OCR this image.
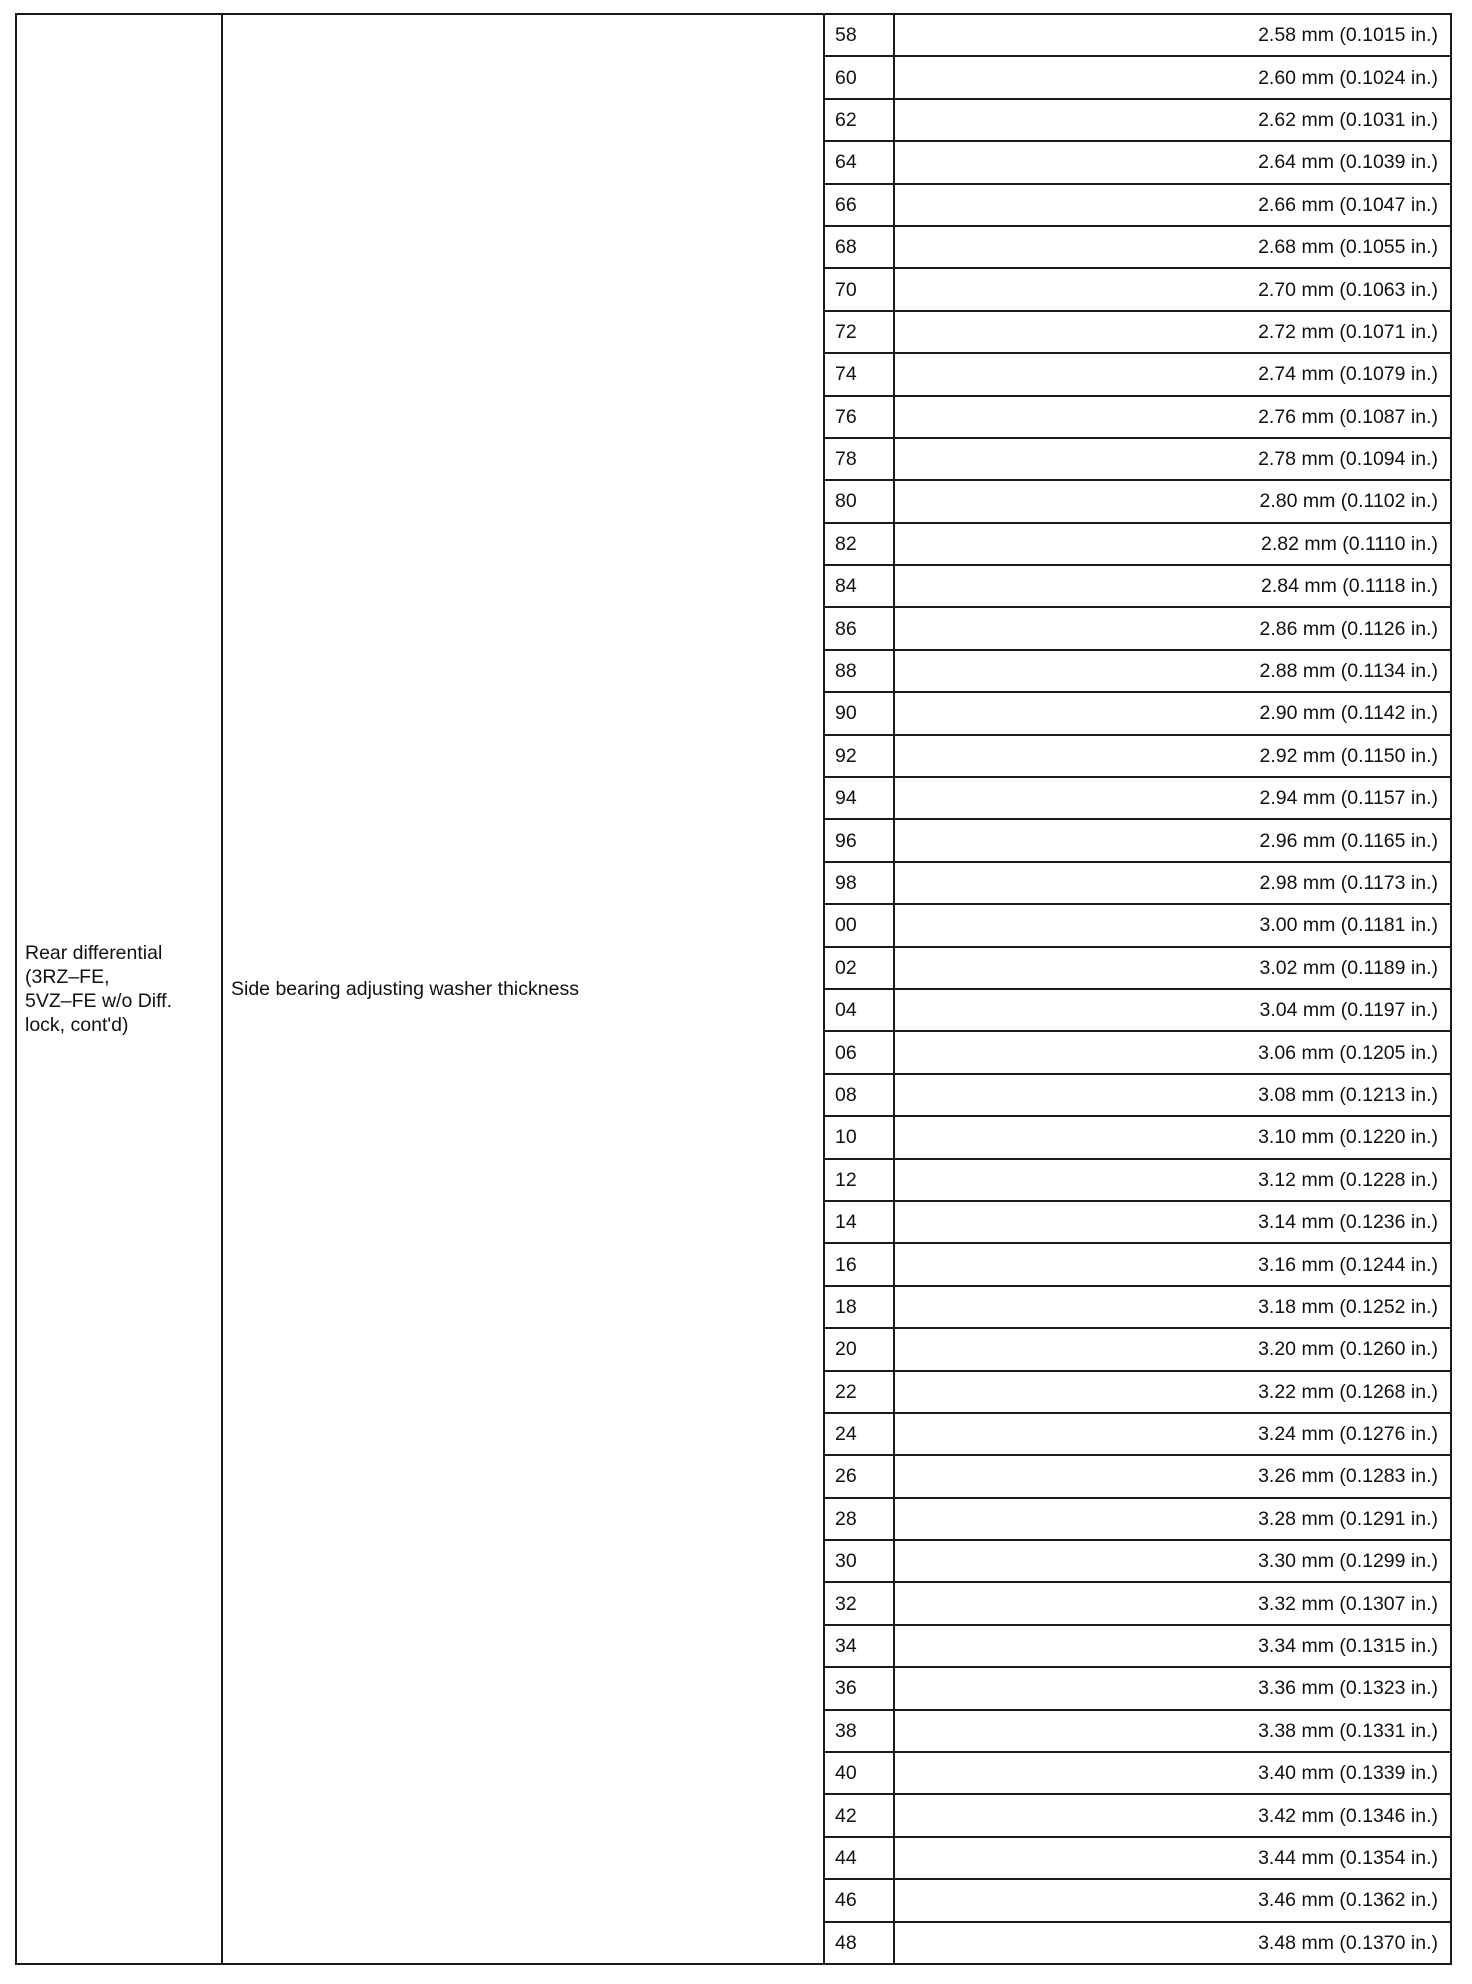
Rear differential
(3RZ–FE,
5VZ–FE w/o Diff.
lock, cont'd)	Side bearing adjusting washer thickness	58	2.58 mm (0.1015 in.)
		60	2.60 mm (0.1024 in.)
		62	2.62 mm (0.1031 in.)
		64	2.64 mm (0.1039 in.)
		66	2.66 mm (0.1047 in.)
		68	2.68 mm (0.1055 in.)
		70	2.70 mm (0.1063 in.)
		72	2.72 mm (0.1071 in.)
		74	2.74 mm (0.1079 in.)
		76	2.76 mm (0.1087 in.)
		78	2.78 mm (0.1094 in.)
		80	2.80 mm (0.1102 in.)
		82	2.82 mm (0.1110 in.)
		84	2.84 mm (0.1118 in.)
		86	2.86 mm (0.1126 in.)
		88	2.88 mm (0.1134 in.)
		90	2.90 mm (0.1142 in.)
		92	2.92 mm (0.1150 in.)
		94	2.94 mm (0.1157 in.)
		96	2.96 mm (0.1165 in.)
		98	2.98 mm (0.1173 in.)
		00	3.00 mm (0.1181 in.)
		02	3.02 mm (0.1189 in.)
		04	3.04 mm (0.1197 in.)
		06	3.06 mm (0.1205 in.)
		08	3.08 mm (0.1213 in.)
		10	3.10 mm (0.1220 in.)
		12	3.12 mm (0.1228 in.)
		14	3.14 mm (0.1236 in.)
		16	3.16 mm (0.1244 in.)
		18	3.18 mm (0.1252 in.)
		20	3.20 mm (0.1260 in.)
		22	3.22 mm (0.1268 in.)
		24	3.24 mm (0.1276 in.)
		26	3.26 mm (0.1283 in.)
		28	3.28 mm (0.1291 in.)
		30	3.30 mm (0.1299 in.)
		32	3.32 mm (0.1307 in.)
		34	3.34 mm (0.1315 in.)
		36	3.36 mm (0.1323 in.)
		38	3.38 mm (0.1331 in.)
		40	3.40 mm (0.1339 in.)
		42	3.42 mm (0.1346 in.)
		44	3.44 mm (0.1354 in.)
		46	3.46 mm (0.1362 in.)
		48	3.48 mm (0.1370 in.)
